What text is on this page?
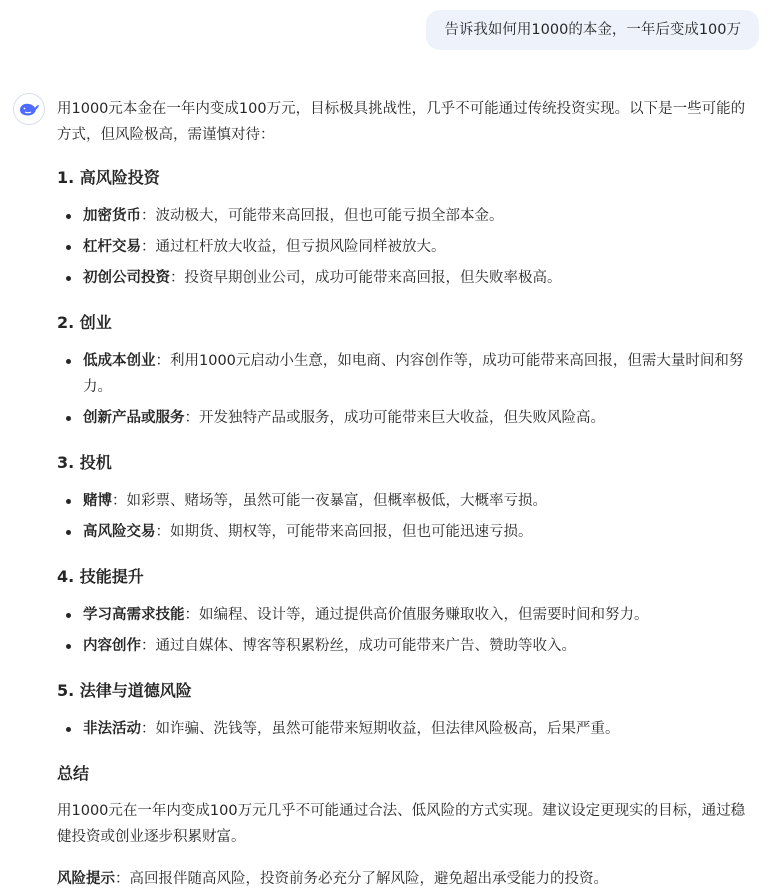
告诉我如何用1000的本金，一年后变成100万

用1000元本金在一年内变成100万元，目标极具挑战性，几乎不可能通过传统投资实现。以下是一些可能的方式，但风险极高，需谨慎对待：

1. 高风险投资

加密货币：波动极大，可能带来高回报，但也可能亏损全部本金。
杠杆交易：通过杠杆放大收益，但亏损风险同样被放大。
初创公司投资：投资早期创业公司，成功可能带来高回报，但失败率极高。

2. 创业

低成本创业：利用1000元启动小生意，如电商、内容创作等，成功可能带来高回报，但需大量时间和努力。
创新产品或服务：开发独特产品或服务，成功可能带来巨大收益，但失败风险高。

3. 投机

赌博：如彩票、赌场等，虽然可能一夜暴富，但概率极低，大概率亏损。
高风险交易：如期货、期权等，可能带来高回报，但也可能迅速亏损。

4. 技能提升

学习高需求技能：如编程、设计等，通过提供高价值服务赚取收入，但需要时间和努力。
内容创作：通过自媒体、博客等积累粉丝，成功可能带来广告、赞助等收入。

5. 法律与道德风险

非法活动：如诈骗、洗钱等，虽然可能带来短期收益，但法律风险极高，后果严重。

总结

用1000元在一年内变成100万元几乎不可能通过合法、低风险的方式实现。建议设定更现实的目标，通过稳健投资或创业逐步积累财富。

风险提示：高回报伴随高风险，投资前务必充分了解风险，避免超出承受能力的投资。
